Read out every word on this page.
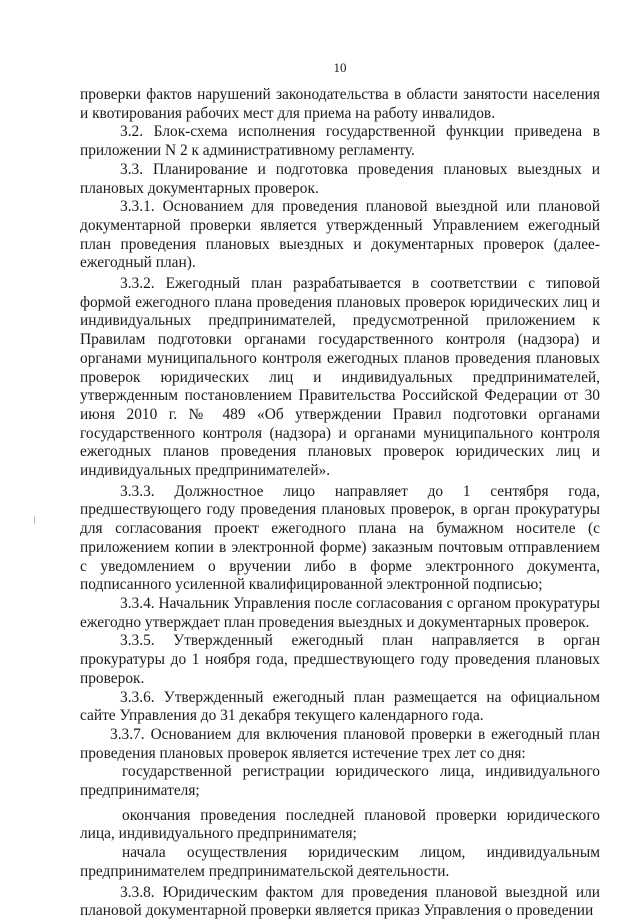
10

проверки фактов нарушений законодательства в области занятости населения и квотирования рабочих мест для приема на работу инвалидов.

3.2. Блок-схема исполнения государственной функции приведена в приложении N 2 к административному регламенту.

3.3. Планирование и подготовка проведения плановых выездных и плановых документарных проверок.

3.3.1. Основанием для проведения плановой выездной или плановой документарной проверки является утвержденный Управлением ежегодный план проведения плановых выездных и документарных проверок (далее-ежегодный план).

3.3.2. Ежегодный план разрабатывается в соответствии с типовой формой ежегодного плана проведения плановых проверок юридических лиц и индивидуальных предпринимателей, предусмотренной приложением к Правилам подготовки органами государственного контроля (надзора) и органами муниципального контроля ежегодных планов проведения плановых проверок юридических лиц и индивидуальных предпринимателей, утвержденным постановлением Правительства Российской Федерации от 30 июня 2010 г. № 489 «Об утверждении Правил подготовки органами государственного контроля (надзора) и органами муниципального контроля ежегодных планов проведения плановых проверок юридических лиц и индивидуальных предпринимателей».

3.3.3. Должностное лицо направляет до 1 сентября года, предшествующего году проведения плановых проверок, в орган прокуратуры для согласования проект ежегодного плана на бумажном носителе (с приложением копии в электронной форме) заказным почтовым отправлением с уведомлением о вручении либо в форме электронного документа, подписанного усиленной квалифицированной электронной подписью;

3.3.4. Начальник Управления после согласования с органом прокуратуры ежегодно утверждает план проведения выездных и документарных проверок.

3.3.5. Утвержденный ежегодный план направляется в орган прокуратуры до 1 ноября года, предшествующего году проведения плановых проверок.

3.3.6. Утвержденный ежегодный план размещается на официальном сайте Управления до 31 декабря текущего календарного года.

3.3.7. Основанием для включения плановой проверки в ежегодный план проведения плановых проверок является истечение трех лет со дня:

государственной регистрации юридического лица, индивидуального предпринимателя;

окончания проведения последней плановой проверки юридического лица, индивидуального предпринимателя;

начала осуществления юридическим лицом, индивидуальным предпринимателем предпринимательской деятельности.

3.3.8. Юридическим фактом для проведения плановой выездной или плановой документарной проверки является приказ Управления о проведении
